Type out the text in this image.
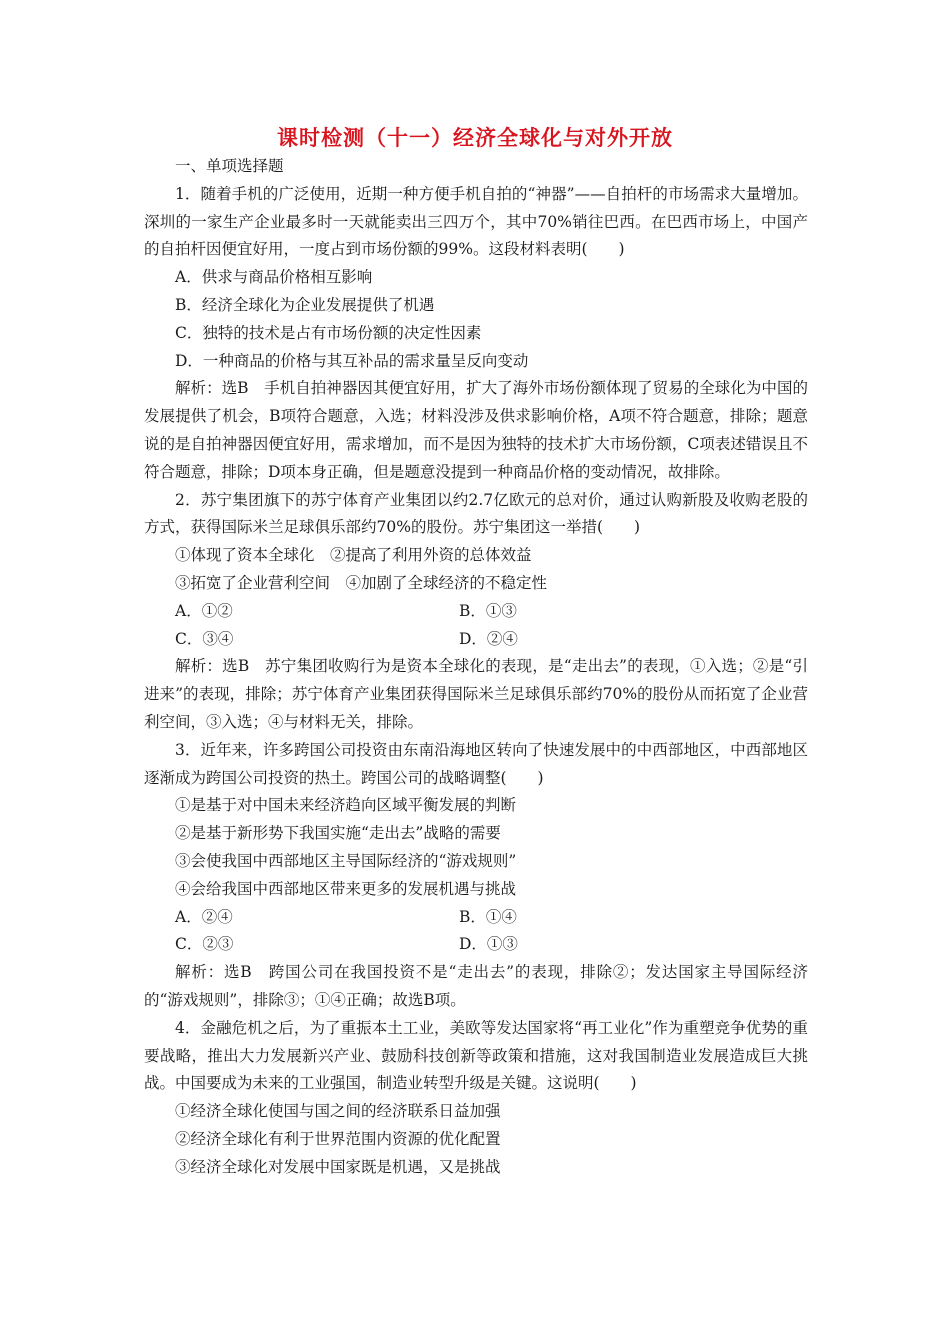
课时检测（十一）经济全球化与对外开放

一、单项选择题

1．随着手机的广泛使用，近期一种方便手机自拍的“神器”——自拍杆的市场需求大量增加。深圳的一家生产企业最多时一天就能卖出三四万个，其中70%销往巴西。在巴西市场上，中国产的自拍杆因便宜好用，一度占到市场份额的99%。这段材料表明(　　)

A．供求与商品价格相互影响

B．经济全球化为企业发展提供了机遇

C．独特的技术是占有市场份额的决定性因素

D．一种商品的价格与其互补品的需求量呈反向变动

解析：选B　手机自拍神器因其便宜好用，扩大了海外市场份额体现了贸易的全球化为中国的发展提供了机会，B项符合题意，入选；材料没涉及供求影响价格，A项不符合题意，排除；题意说的是自拍神器因便宜好用，需求增加，而不是因为独特的技术扩大市场份额，C项表述错误且不符合题意，排除；D项本身正确，但是题意没提到一种商品价格的变动情况，故排除。

2．苏宁集团旗下的苏宁体育产业集团以约2.7亿欧元的总对价，通过认购新股及收购老股的方式，获得国际米兰足球俱乐部约70%的股份。苏宁集团这一举措(　　)

①体现了资本全球化　②提高了利用外资的总体效益

③拓宽了企业营利空间　④加剧了全球经济的不稳定性

A．①②	B．①③
C．③④	D．②④

解析：选B　苏宁集团收购行为是资本全球化的表现，是“走出去”的表现，①入选；②是“引进来”的表现，排除；苏宁体育产业集团获得国际米兰足球俱乐部约70%的股份从而拓宽了企业营利空间，③入选；④与材料无关，排除。

3．近年来，许多跨国公司投资由东南沿海地区转向了快速发展中的中西部地区，中西部地区逐渐成为跨国公司投资的热土。跨国公司的战略调整(　　)

①是基于对中国未来经济趋向区域平衡发展的判断

②是基于新形势下我国实施“走出去”战略的需要

③会使我国中西部地区主导国际经济的“游戏规则”

④会给我国中西部地区带来更多的发展机遇与挑战

A．②④	B．①④
C．②③	D．①③

解析：选B　跨国公司在我国投资不是“走出去”的表现，排除②；发达国家主导国际经济的“游戏规则”，排除③；①④正确；故选B项。

4．金融危机之后，为了重振本土工业，美欧等发达国家将“再工业化”作为重塑竞争优势的重要战略，推出大力发展新兴产业、鼓励科技创新等政策和措施，这对我国制造业发展造成巨大挑战。中国要成为未来的工业强国，制造业转型升级是关键。这说明(　　)

①经济全球化使国与国之间的经济联系日益加强

②经济全球化有利于世界范围内资源的优化配置

③经济全球化对发展中国家既是机遇，又是挑战
